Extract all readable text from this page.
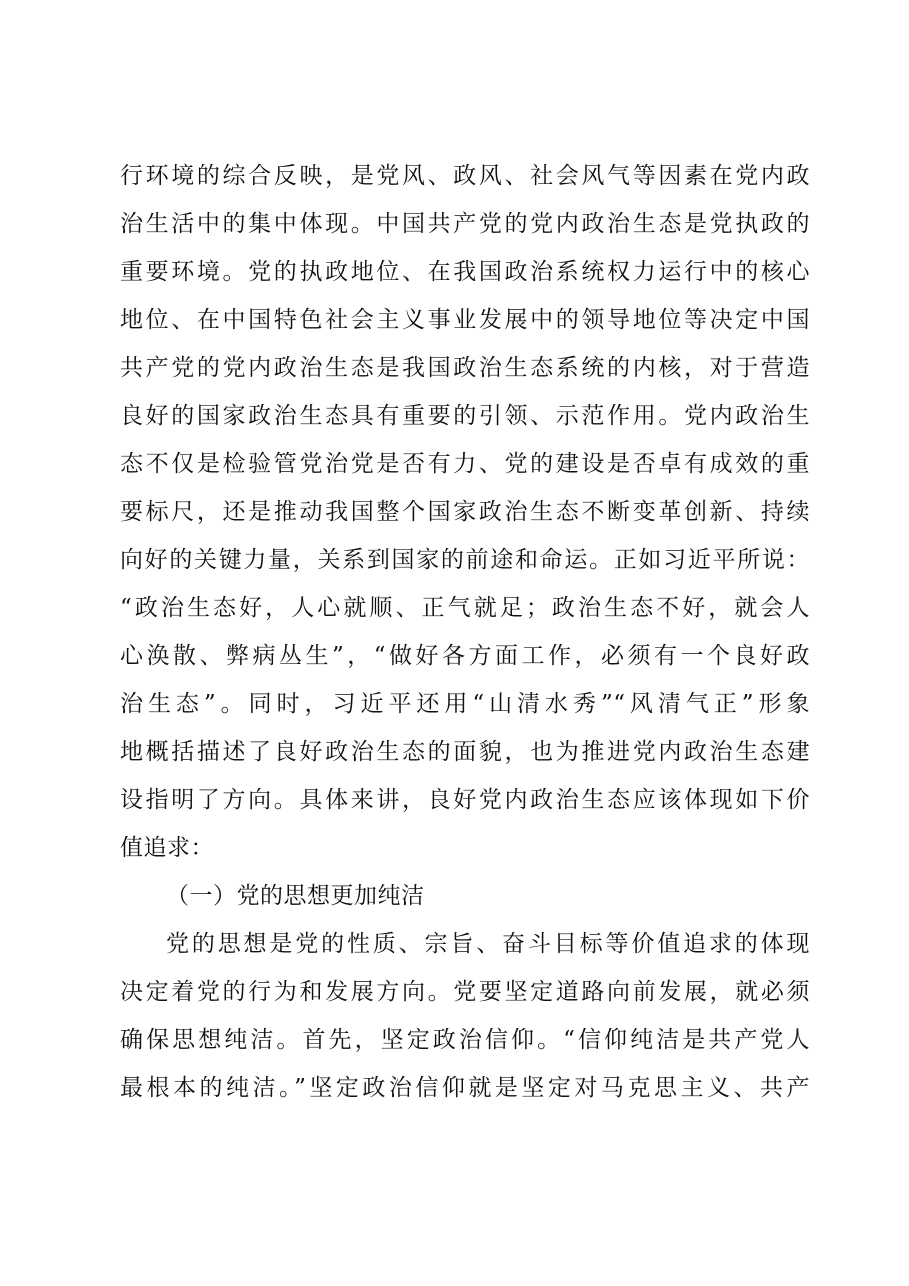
行环境的综合反映，是党风、政风、社会风气等因素在党内政
治生活中的集中体现。中国共产党的党内政治生态是党执政的
重要环境。党的执政地位、在我国政治系统权力运行中的核心
地位、在中国特色社会主义事业发展中的领导地位等决定中国
共产党的党内政治生态是我国政治生态系统的内核，对于营造
良好的国家政治生态具有重要的引领、示范作用。党内政治生
态不仅是检验管党治党是否有力、党的建设是否卓有成效的重
要标尺，还是推动我国整个国家政治生态不断变革创新、持续
向好的关键力量，关系到国家的前途和命运。正如习近平所说：
“政治生态好，人心就顺、正气就足；政治生态不好，就会人
心涣散、弊病丛生”，“做好各方面工作，必须有一个良好政
治生态”。同时，习近平还用“山清水秀”“风清气正”形象
地概括描述了良好政治生态的面貌，也为推进党内政治生态建
设指明了方向。具体来讲，良好党内政治生态应该体现如下价
值追求：
（一）党的思想更加纯洁
党的思想是党的性质、宗旨、奋斗目标等价值追求的体现
决定着党的行为和发展方向。党要坚定道路向前发展，就必须
确保思想纯洁。首先，坚定政治信仰。“信仰纯洁是共产党人
最根本的纯洁。”坚定政治信仰就是坚定对马克思主义、共产
